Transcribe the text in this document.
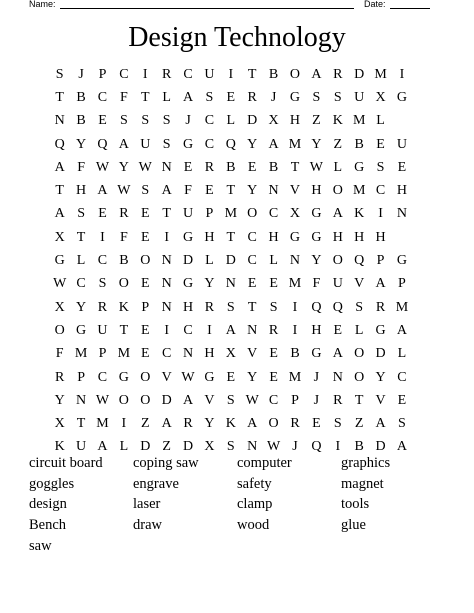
Name:	Date:
Design Technology
S	J	P C	I	R C U	I	T B O A R D M I
T B C F T L A S E R	J G S S U X G
N B E S S S	J C L D X H Z K M L
Q Y Q A U S G C Q Y A M Y Z B E U
A F W Y W N E R B E B T W L G S E
T H A W S A F E T Y N V H O M C H
A S E R E T U P M O C X G A K	I N
X T	I	F E	I G H T C H G G H H H
G L C B O N D L D C L N Y O Q P G
W C S O E N G Y N E E M F U V A P
X Y R K P N H R S T S	I Q Q S R M
O G U T E	I	C	I A N R	I H E L G A
F M P M E C N H X V E B G A O D L
R P C G O V W G E Y E M J N O Y C
Y N W O O D A V S W C P	J R T V E
X T M I	Z A R Y K A O R E S Z A S
K U A L D Z D X S N W J Q	I	B D A
circuit board	coping saw	computer	graphics
goggles	engrave	safety	magnet
design	laser	clamp	tools
Bench	draw	wood	glue
saw
